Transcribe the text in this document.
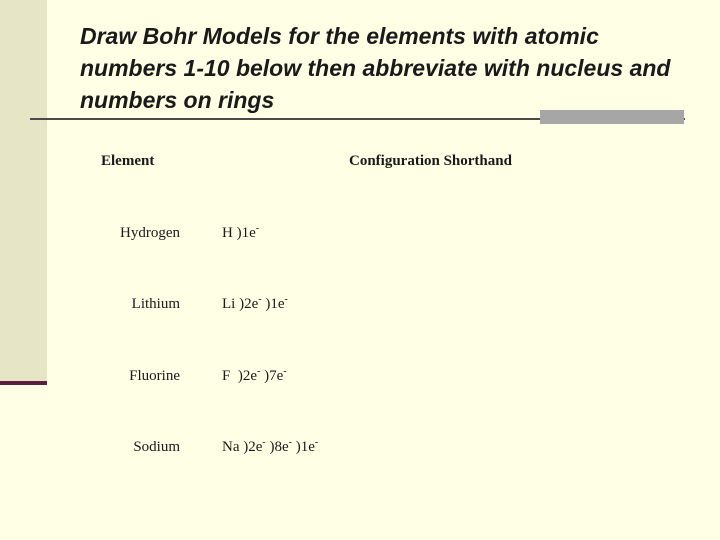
Draw Bohr Models for the elements with atomic
numbers 1-10 below then abbreviate with nucleus and
numbers on rings
Element	Configuration Shorthand
Hydrogen	H )1e-
Lithium	Li )2e- )1e-
Fluorine	F  )2e- )7e-
Sodium	Na )2e- )8e- )1e-
